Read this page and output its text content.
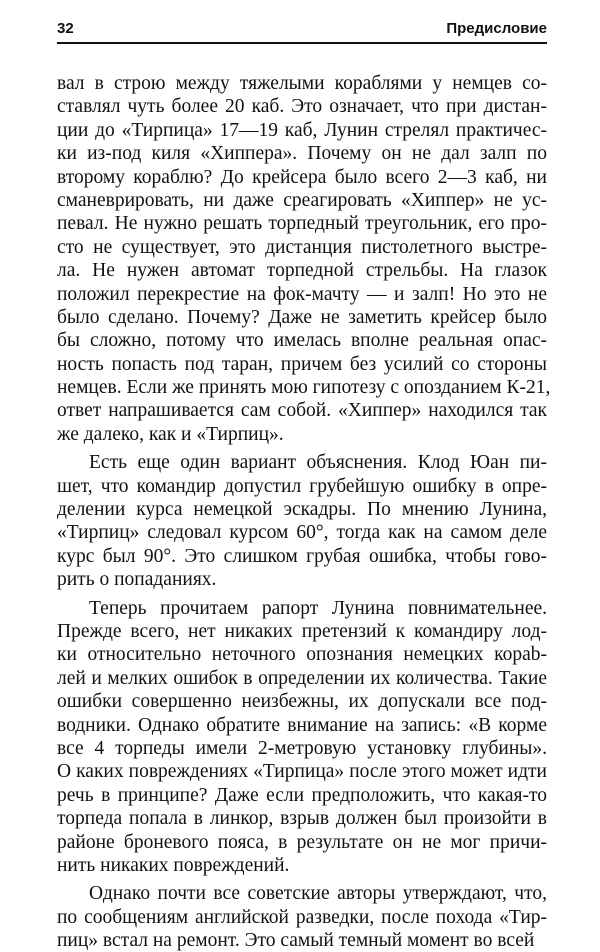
32	Предисловие
вал в строю между тяжелыми кораблями у немцев со-
ставлял чуть более 20 каб. Это означает, что при дистан-
ции до «Тирпица» 17—19 каб, Лунин стрелял практичес-
ки из-под киля «Хиппера». Почему он не дал залп по
второму кораблю? До крейсера было всего 2—3 каб, ни
сманеврировать, ни даже среагировать «Хиппер» не ус-
певал. Не нужно решать торпедный треугольник, его про-
сто не существует, это дистанция пистолетного выстре-
ла. Не нужен автомат торпедной стрельбы. На глазок
положил перекрестие на фок-мачту — и залп! Но это не
было сделано. Почему? Даже не заметить крейсер было
бы сложно, потому что имелась вполне реальная опас-
ность попасть под таран, причем без усилий со стороны
немцев. Если же принять мою гипотезу с опозданием К-21,
ответ напрашивается сам собой. «Хиппер» находился так
же далеко, как и «Тирпиц».
Есть еще один вариант объяснения. Клод Юан пи-
шет, что командир допустил грубейшую ошибку в опре-
делении курса немецкой эскадры. По мнению Лунина,
«Тирпиц» следовал курсом 60°, тогда как на самом деле
курс был 90°. Это слишком грубая ошибка, чтобы гово-
рить о попаданиях.
Теперь прочитаем рапорт Лунина повнимательнее.
Прежде всего, нет никаких претензий к командиру лод-
ки относительно неточного опознания немецких корab-
лей и мелких ошибок в определении их количества. Такие
ошибки совершенно неизбежны, их допускали все под-
водники. Однако обратите внимание на запись: «В корме
все 4 торпеды имели 2-метровую установку глубины».
О каких повреждениях «Тирпица» после этого может идти
речь в принципе? Даже если предположить, что какая-то
торпеда попала в линкор, взрыв должен был произойти в
районе броневого пояса, в результате он не мог причи-
нить никаких повреждений.
Однако почти все советские авторы утверждают, что,
по сообщениям английской разведки, после похода «Тир-
пиц» встал на ремонт. Это самый темный момент во всей
